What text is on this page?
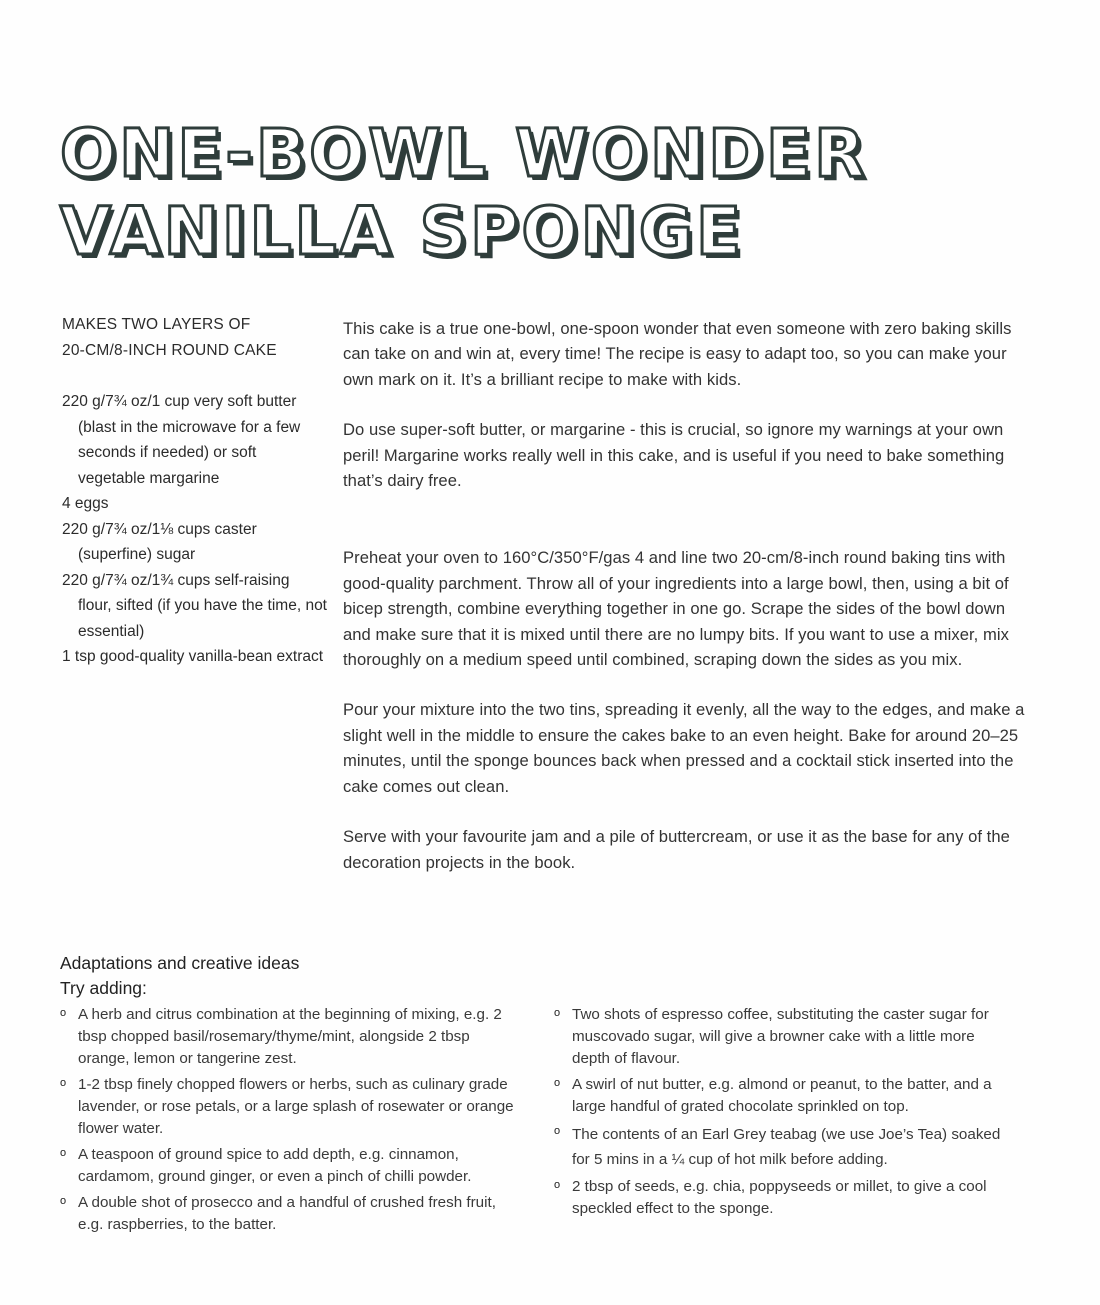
ONE-BOWL WONDER
VANILLA SPONGE

MAKES TWO LAYERS OF
20-CM/8-INCH ROUND CAKE

220 g/7¾ oz/1 cup very soft butter (blast in the microwave for a few seconds if needed) or soft vegetable margarine
4 eggs
220 g/7¾ oz/1⅛ cups caster (superfine) sugar
220 g/7¾ oz/1¾ cups self-raising flour, sifted (if you have the time, not essential)
1 tsp good-quality vanilla-bean extract

This cake is a true one-bowl, one-spoon wonder that even someone with zero baking skills can take on and win at, every time! The recipe is easy to adapt too, so you can make your own mark on it. It’s a brilliant recipe to make with kids.

Do use super-soft butter, or margarine - this is crucial, so ignore my warnings at your own peril! Margarine works really well in this cake, and is useful if you need to bake something that’s dairy free.

Preheat your oven to 160°C/350°F/gas 4 and line two 20-cm/8-inch round baking tins with good-quality parchment. Throw all of your ingredients into a large bowl, then, using a bit of bicep strength, combine everything together in one go. Scrape the sides of the bowl down and make sure that it is mixed until there are no lumpy bits. If you want to use a mixer, mix thoroughly on a medium speed until combined, scraping down the sides as you mix.

Pour your mixture into the two tins, spreading it evenly, all the way to the edges, and make a slight well in the middle to ensure the cakes bake to an even height. Bake for around 20–25 minutes, until the sponge bounces back when pressed and a cocktail stick inserted into the cake comes out clean.

Serve with your favourite jam and a pile of buttercream, or use it as the base for any of the decoration projects in the book.

Adaptations and creative ideas
Try adding:
o A herb and citrus combination at the beginning of mixing, e.g. 2 tbsp chopped basil/rosemary/thyme/mint, alongside 2 tbsp orange, lemon or tangerine zest.
o 1-2 tbsp finely chopped flowers or herbs, such as culinary grade lavender, or rose petals, or a large splash of rosewater or orange flower water.
o A teaspoon of ground spice to add depth, e.g. cinnamon, cardamom, ground ginger, or even a pinch of chilli powder.
o A double shot of prosecco and a handful of crushed fresh fruit, e.g. raspberries, to the batter.
o Two shots of espresso coffee, substituting the caster sugar for muscovado sugar, will give a browner cake with a little more depth of flavour.
o A swirl of nut butter, e.g. almond or peanut, to the batter, and a large handful of grated chocolate sprinkled on top.
o The contents of an Earl Grey teabag (we use Joe’s Tea) soaked for 5 mins in a ¼ cup of hot milk before adding.
o 2 tbsp of seeds, e.g. chia, poppyseeds or millet, to give a cool speckled effect to the sponge.
